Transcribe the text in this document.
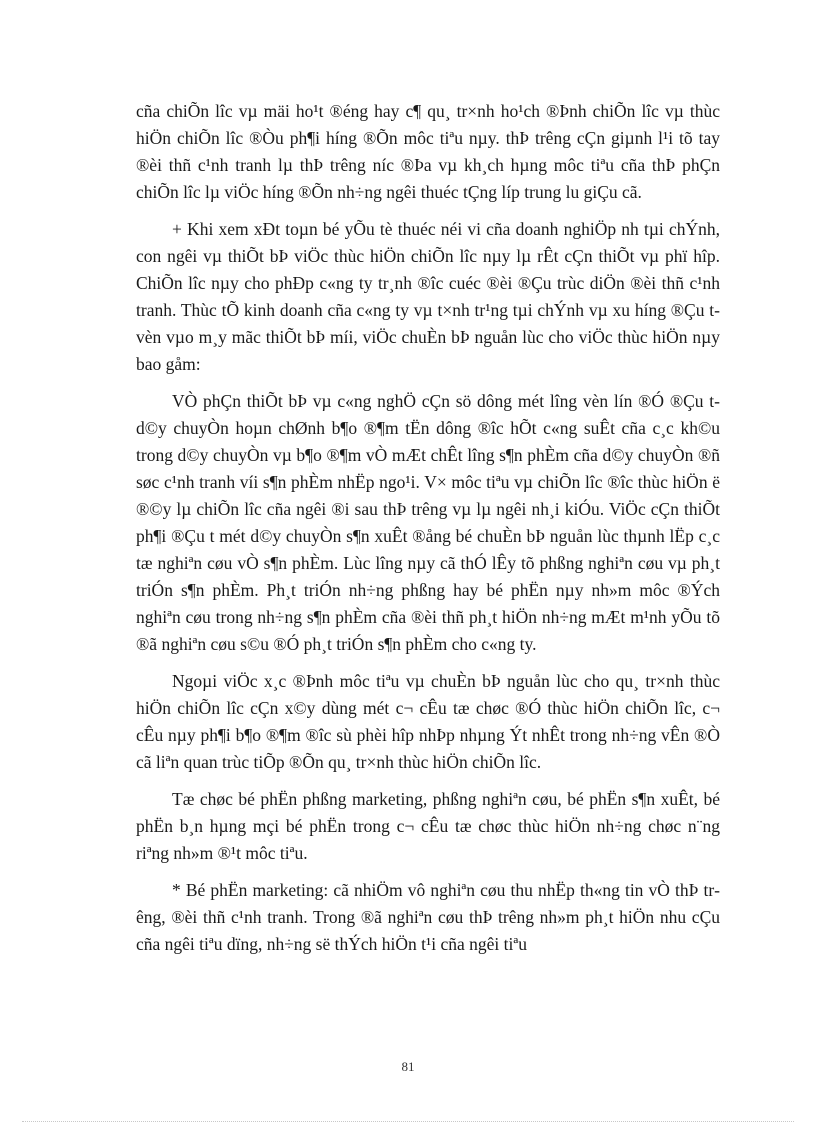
cña chiÕn lîc vµ mäi ho¹t ®éng hay c¶ qu¸ tr×nh ho¹ch ®Þnh chiÕn lîc vµ thùc hiÖn chiÕn lîc ®Òu ph¶i híng ®Õn môc tiªu nµy. thÞ trêng cÇn giµnh l¹i tõ tay ®èi thñ c¹nh tranh lµ thÞ trêng níc ®Þa vµ kh¸ch hµng môc tiªu cña thÞ phÇn chiÕn lîc lµ viÖc híng ®Õn nh÷ng ngêi thuéc tÇng líp trung lu giÇu cã.

+ Khi xem xÐt toµn bé yÕu tè thuéc néi vi cña doanh nghiÖp nh tµi chÝnh, con ngêi vµ thiÕt bÞ viÖc thùc hiÖn chiÕn lîc nµy lµ rÊt cÇn thiÕt vµ phï hîp. ChiÕn lîc nµy cho phÐp c«ng ty tr¸nh ®îc cuéc ®èi ®Çu trùc diÖn ®èi thñ c¹nh tranh. Thùc tÕ kinh doanh cña c«ng ty vµ t×nh tr¹ng tµi chÝnh vµ xu híng ®Çu t vèn vµo m¸y mãc thiÕt bÞ míi, viÖc chuÈn bÞ nguån lùc cho viÖc thùc hiÖn nµy bao gåm:

VÒ phÇn thiÕt bÞ vµ c«ng nghÖ cÇn sö dông mét lîng vèn lín ®Ó ®Çu t d©y chuyÒn hoµn chØnh b¶o ®¶m tËn dông ®îc hÕt c«ng suÊt cña c¸c kh©u trong d©y chuyÒn vµ b¶o ®¶m vÒ mÆt chÊt lîng s¶n phÈm cña d©y chuyÒn ®ñ søc c¹nh tranh víi s¶n phÈm nhËp ngo¹i. V× môc tiªu vµ chiÕn lîc ®îc thùc hiÖn ë ®©y lµ chiÕn lîc cña ngêi ®i sau thÞ trêng vµ lµ ngêi nh¸i kiÓu. ViÖc cÇn thiÕt ph¶i ®Çu t mét d©y chuyÒn s¶n xuÊt ®ång bé chuÈn bÞ nguån lùc thµnh lËp c¸c tæ nghiªn cøu vÒ s¶n phÈm. Lùc lîng nµy cã thÓ lÊy tõ phßng nghiªn cøu vµ ph¸t triÓn s¶n phÈm. Ph¸t triÓn nh÷ng phßng hay bé phËn nµy nh»m môc ®Ých nghiªn cøu trong nh÷ng s¶n phÈm cña ®èi thñ ph¸t hiÖn nh÷ng mÆt m¹nh yÕu tõ ®ã nghiªn cøu s©u ®Ó ph¸t triÓn s¶n phÈm cho c«ng ty.

Ngoµi viÖc x¸c ®Þnh môc tiªu vµ chuÈn bÞ nguån lùc cho qu¸ tr×nh thùc hiÖn chiÕn lîc cÇn x©y dùng mét c¬ cÊu tæ chøc ®Ó thùc hiÖn chiÕn lîc, c¬ cÊu nµy ph¶i b¶o ®¶m ®îc sù phèi hîp nhÞp nhµng Ýt nhÊt trong nh÷ng vÊn ®Ò cã liªn quan trùc tiÕp ®Õn qu¸ tr×nh thùc hiÖn chiÕn lîc.

Tæ chøc bé phËn phßng marketing, phßng nghiªn cøu, bé phËn s¶n xuÊt, bé phËn b¸n hµng mçi bé phËn trong c¬ cÊu tæ chøc thùc hiÖn nh÷ng chøc n¨ng riªng nh»m ®¹t môc tiªu.

* Bé phËn marketing: cã nhiÖm vô nghiªn cøu thu nhËp th«ng tin vÒ thÞ trêng, ®èi thñ c¹nh tranh. Trong ®ã nghiªn cøu thÞ trêng nh»m ph¸t hiÖn nhu cÇu cña ngêi tiªu dïng, nh÷ng së thÝch hiÖn t¹i cña ngêi tiªu

81
